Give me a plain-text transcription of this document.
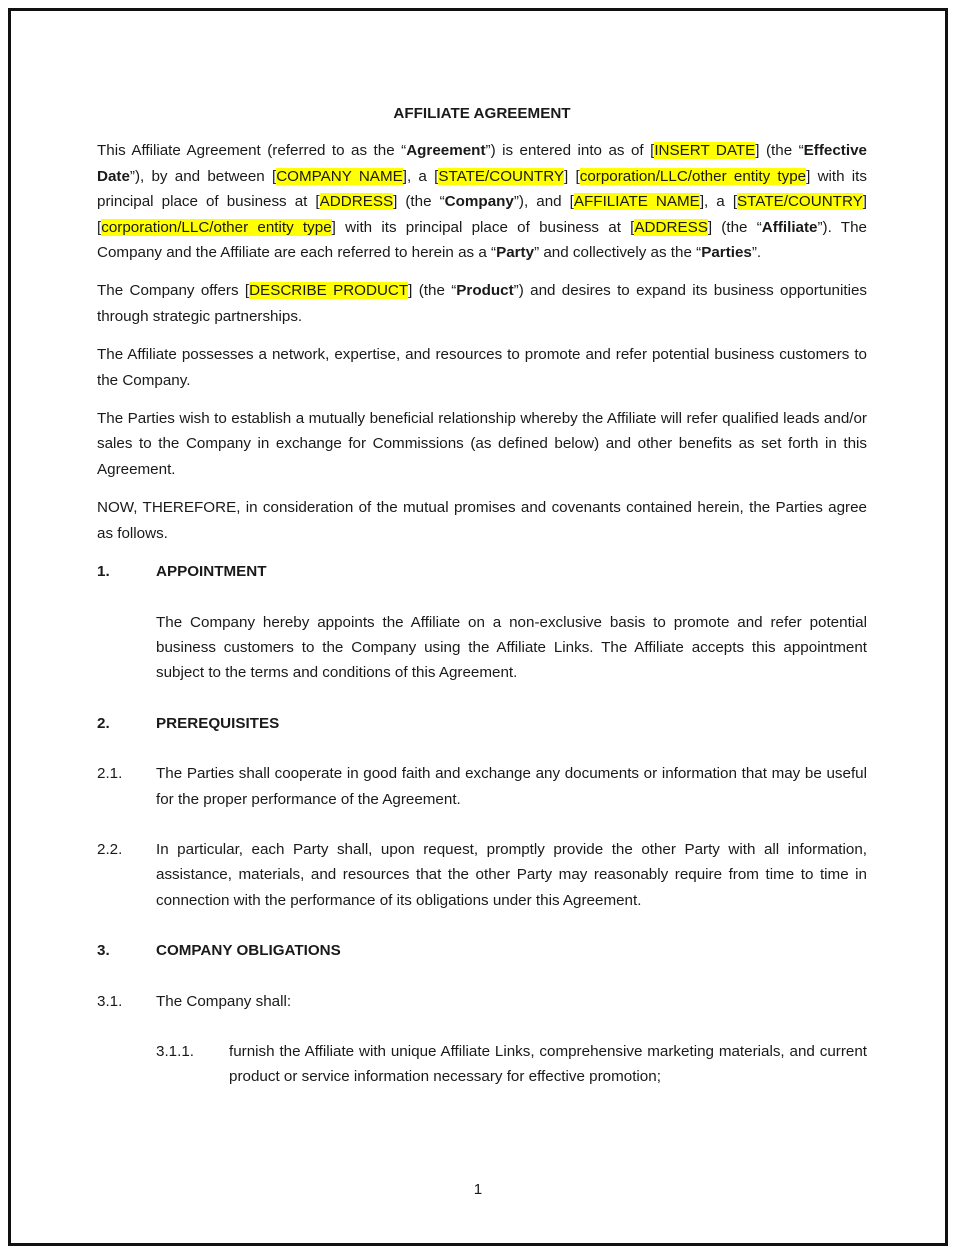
AFFILIATE AGREEMENT

This Affiliate Agreement (referred to as the “Agreement”) is entered into as of [INSERT DATE] (the “Effective Date”), by and between [COMPANY NAME], a [STATE/COUNTRY] [corporation/LLC/other entity type] with its principal place of business at [ADDRESS] (the “Company”), and [AFFILIATE NAME], a [STATE/COUNTRY] [corporation/LLC/other entity type] with its principal place of business at [ADDRESS] (the “Affiliate”). The Company and the Affiliate are each referred to herein as a “Party” and collectively as the “Parties”.

The Company offers [DESCRIBE PRODUCT] (the “Product”) and desires to expand its business opportunities through strategic partnerships.

The Affiliate possesses a network, expertise, and resources to promote and refer potential business customers to the Company.

The Parties wish to establish a mutually beneficial relationship whereby the Affiliate will refer qualified leads and/or sales to the Company in exchange for Commissions (as defined below) and other benefits as set forth in this Agreement.

NOW, THEREFORE, in consideration of the mutual promises and covenants contained herein, the Parties agree as follows.

1.	APPOINTMENT

The Company hereby appoints the Affiliate on a non-exclusive basis to promote and refer potential business customers to the Company using the Affiliate Links. The Affiliate accepts this appointment subject to the terms and conditions of this Agreement.

2.	PREREQUISITES
2.1.	The Parties shall cooperate in good faith and exchange any documents or information that may be useful for the proper performance of the Agreement.
2.2.	In particular, each Party shall, upon request, promptly provide the other Party with all information, assistance, materials, and resources that the other Party may reasonably require from time to time in connection with the performance of its obligations under this Agreement.
3.	COMPANY OBLIGATIONS
3.1.	The Company shall:
3.1.1.	furnish the Affiliate with unique Affiliate Links, comprehensive marketing materials, and current product or service information necessary for effective promotion;
1
